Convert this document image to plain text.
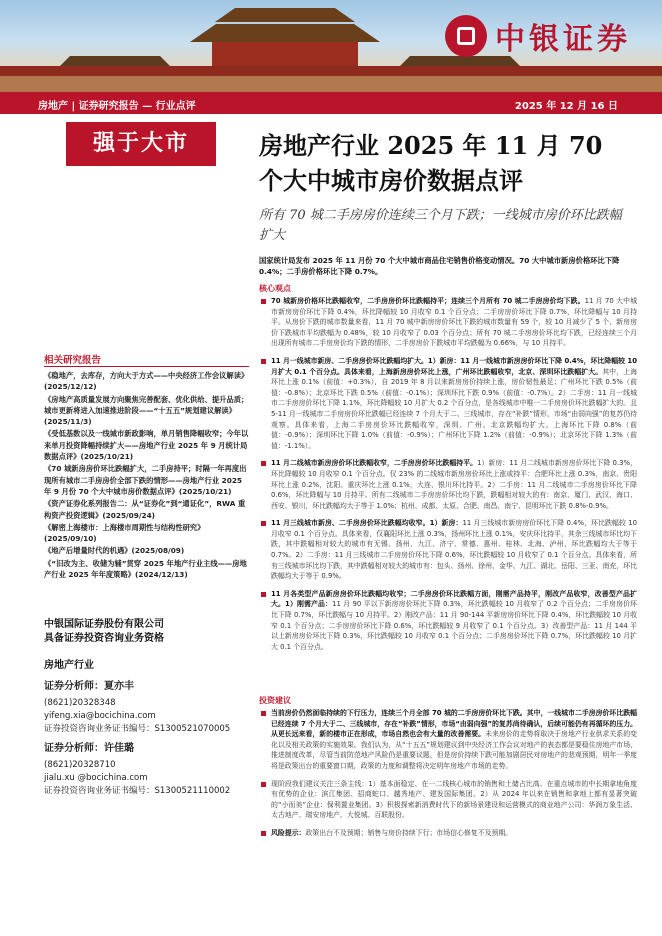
中银证券
房地产 | 证券研究报告 — 行业点评	2025 年 12 月 16 日
强于大市
相关研究报告
《稳地产，去库存，方向大于方式——中央经济工作会议解读》(2025/12/12)
《房地产高质量发展方向聚焦完善配套、优化供给、提升品质；城市更新将进入加速推进阶段——“十五五”规划建议解读》(2025/11/3)
《受低基数以及一线城市新政影响，单月销售降幅收窄；今年以来单月投资降幅持续扩大——房地产行业 2025 年 9 月统计局数据点评》(2025/10/21)
《70 城新房房价环比跌幅扩大，二手房持平；时隔一年再度出现所有城市二手房房价全部下跌的情形——房地产行业 2025 年 9 月份 70 个大中城市房价数据点评》(2025/10/21)
《资产证券化系列报告二：从“证券化”到“通证化”，RWA 重构资产投资逻辑》(2025/09/24)
《解密上海楼市：上海楼市周期性与结构性研究》(2025/09/10)
《地产后增量时代的机遇》(2025/08/09)
《“旧改为主、收储为辅”贯穿 2025 年地产行业主线——房地产行业 2025 年年度策略》(2024/12/13)
中银国际证券股份有限公司
具备证券投资咨询业务资格
房地产行业
证券分析师：夏亦丰
(8621)20328348
yifeng.xia@bocichina.com
证券投资咨询业务证书编号：S1300521070005
证券分析师：许佳璐
(8621)20328710
jialu.xu @bocichina.com
证券投资咨询业务证书编号：S1300521110002
房地产行业 2025 年 11 月 70 个大中城市房价数据点评
所有 70 城二手房房价连续三个月下跌；一线城市房价环比跌幅扩大
国家统计局发布 2025 年 11 月份 70 个大中城市商品住宅销售价格变动情况。70 大中城市新房价格环比下降 0.4%；二手房价格环比下降 0.7%。
核心观点
70 城新房价格环比跌幅收窄，二手房房价环比跌幅持平；连续三个月所有 70 城二手房房价均下跌。11 月 70 大中城市新房房价环比下降 0.4%，环比降幅较 10 月收窄 0.1 个百分点；二手房房价环比下降 0.7%，环比降幅与 10 月持平。从房价下跌的城市数量来看，11 月 70 城中新房房价环比下跌的城市数量有 59 个，较 10 月减少了 5 个，新房房价下跌城市平均跌幅为 0.48%，较 10 月收窄了 0.03 个百分点；所有 70 城二手房房价环比均下跌，已经连续三个月出现所有城市二手房房价均下跌的情形，二手房房价下跌城市平均跌幅为 0.66%，与 10 月持平。
11 月一线城市新房、二手房房价环比跌幅均扩大。1）新房：11 月一线城市新房房价环比下降 0.4%，环比降幅较 10 月扩大 0.1 个百分点。具体来看，上海新房房价环比上涨，广州环比跌幅收窄，北京、深圳环比跌幅扩大。其中，上海环比上涨 0.1%（前值：+0.3%），自 2019 年 8 月以来新房房价持续上涨，房价韧性最足；广州环比下跌 0.5%（前值：-0.8%）；北京环比下跌 0.5%（前值：-0.1%）；深圳环比下跌 0.9%（前值：-0.7%）。2）二手房：11 月一线城市二手房房价环比下降 1.1%，环比降幅较 10 月扩大 0.2 个百分点，是各线城市中唯一二手房房价环比跌幅扩大的。且 5-11 月一线城市二手房房价环比跌幅已经连续 7 个月大于二、三线城市，存在“补跌”情形，市场“由弱向强”的复苏仍待观察。具体来看，上海二手房房价环比跌幅收窄，深圳、广州、北京跌幅均扩大。上海环比下降 0.8%（前值：-0.9%）；深圳环比下降 1.0%（前值：-0.9%）；广州环比下降 1.2%（前值：-0.9%）；北京环比下降 1.3%（前值：-1.1%）。
11 月二线城市新房房价环比跌幅收窄，二手房房价环比跌幅持平。1）新房：11 月二线城市新房房价环比下降 0.3%，环比降幅较 10 月收窄 0.1 个百分点。仅 23% 的二线城市新房房价环比上涨或持平：合肥环比上涨 0.3%，南京、贵阳环比上涨 0.2%，沈阳、重庆环比上涨 0.1%，大连、银川环比持平。2）二手房：11 月二线城市二手房房价环比下降 0.6%，环比降幅与 10 月持平。所有二线城市二手房房价环比均下跌，跌幅相对较大的有：南京、厦门、武汉、海口、西安、银川，环比跌幅均大于等于 1.0%；杭州、成都、太原、合肥、南昌、南宁、昆明环比下跌 0.8%-0.9%。
11 月三线城市新房、二手房房价环比跌幅均收窄。1）新房：11 月三线城市新房房价环比下降 0.4%，环比跌幅较 10 月收窄 0.1 个百分点。具体来看，仅襄阳环比上涨 0.3%，扬州环比上涨 0.1%，安庆环比持平，其余三线城市环比均下跌，其中跌幅相对较大的城市有无锡、扬州、九江、济宁、常德、惠州、桂林、北海、泸州，环比跌幅均大于等于 0.7%。2）二手房：11 月三线城市二手房房价环比下降 0.6%，环比跌幅较 10 月收窄了 0.1 个百分点。具体来看，所有三线城市环比均下跌，其中跌幅相对较大的城市有：包头、扬州、徐州、金华、九江、湖北、岳阳、三亚、南充，环比跌幅均大于等于 0.9%。
11 月各类型产品新房房价环比跌幅均收窄；二手房房价环比跌幅方面，刚需产品持平，刚改产品收窄，改善型产品扩大。1）刚需产品：11 月 90 平以下新房房价环比下降 0.3%，环比跌幅较 10 月收窄了 0.2 个百分点；二手房房价环比下降 0.7%，环比跌幅与 10 月持平。2）刚改产品：11 月 90-144 平新房房价环比下降 0.4%，环比跌幅较 10 月收窄 0.1 个百分点；二手房房价环比下降 0.6%，环比跌幅较 9 月收窄了 0.1 个百分点。3）改善型产品：11 月 144 平以上新房房价环比下降 0.3%，环比跌幅较 10 月收窄 0.1 个百分点；二手房房价环比下降 0.7%，环比跌幅较 10 月扩大 0.1 个百分点。
投资建议
当前房价仍然面临持续的下行压力，连续三个月全部 70 城的二手房房价环比下跌。其中，一线城市二手房房价环比跌幅已经连续 7 个月大于二、三线城市，存在“补跌”情形，市场“由弱向强”的复苏尚待确认，后续可能仍有再循环的压力。从更长远来看，新的楼市正在形成，市场自然也会有大量的改善需要。未来房价的走势将取决于房地产行业供求关系的变化以及相关政策的实施效果。我们认为，从“十五五”规划建议到中央经济工作会议对地产的表态都是要稳住房地产市场，推进制度改革，尽管当前防范地产风险仍是重要议题，但是房价持续下跌可能加剧居民对房地产的悲观预期，明年一季度将是政策出台的重要窗口期，政策的力度和调整将决定明年房地产市场的走势。
现阶段我们建议关注三条主线：1）基本面稳定、在一二线核心城市的销售和土储占比高、在重点城市的中长期拿地角度有优势的企业：滨江集团、招商蛇口、越秀地产、建发国际集团。2）从 2024 年以来在销售和拿地上都有显著突破的“小而美”企业：保利置业集团。3）积极探索新消费时代下的新场景建设和运营模式的商业地产公司：华润万象生活、太古地产、瑞安房地产、大悦城、百联股份。
风险提示：政策出台不及预期；销售与房价持续下行；市场信心修复不及预期。
